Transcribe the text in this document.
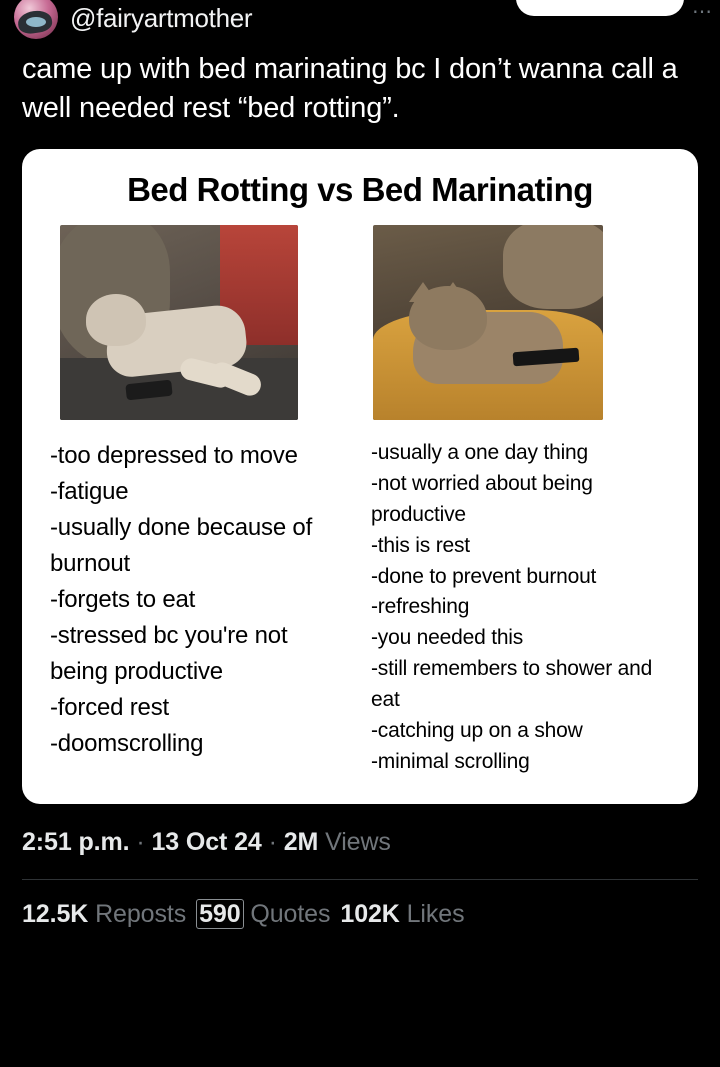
@fairyartmother	⋯
came up with bed marinating bc I don’t wanna call a well needed rest “bed rotting”.
Bed Rotting vs Bed Marinating
-too depressed to move
-fatigue
-usually done because of burnout
-forgets to eat
-stressed bc you're not being productive
-forced rest
-doomscrolling
-usually a one day thing
-not worried about being productive
-this is rest
-done to prevent burnout
-refreshing
-you needed this
-still remembers to shower and eat
-catching up on a show
-minimal scrolling
2:51 p.m. · 13 Oct 24 · 2M Views
12.5K Reposts 590 Quotes 102K Likes
